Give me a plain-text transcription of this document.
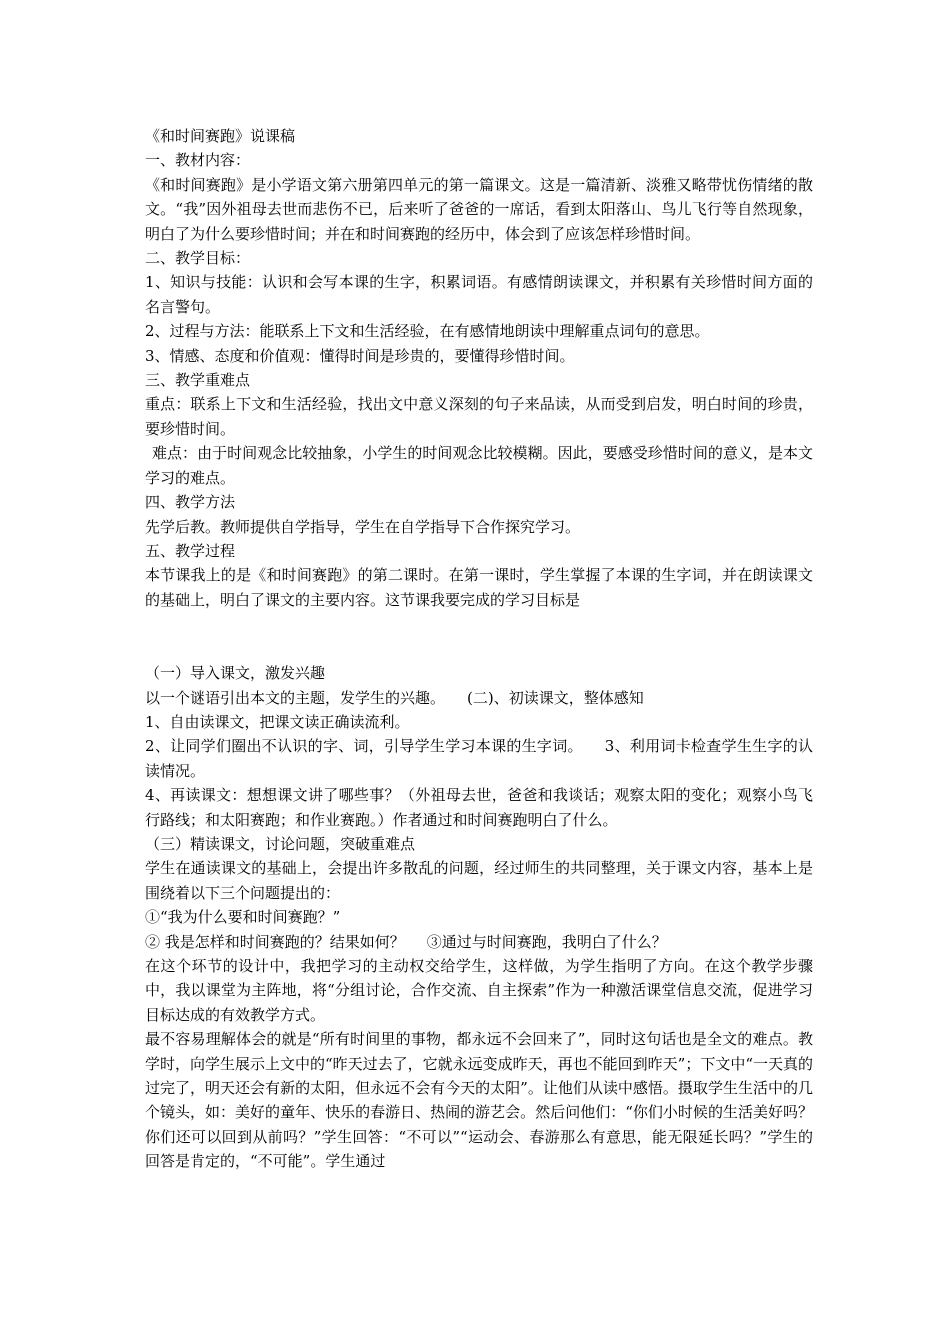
《和时间赛跑》说课稿

一、教材内容：

《和时间赛跑》是小学语文第六册第四单元的第一篇课文。这是一篇清新、淡雅又略带忧伤情绪的散文。“我”因外祖母去世而悲伤不已，后来听了爸爸的一席话，看到太阳落山、鸟儿飞行等自然现象，明白了为什么要珍惜时间；并在和时间赛跑的经历中，体会到了应该怎样珍惜时间。

二、教学目标：

1、知识与技能：认识和会写本课的生字，积累词语。有感情朗读课文，并积累有关珍惜时间方面的名言警句。

2、过程与方法：能联系上下文和生活经验，在有感情地朗读中理解重点词句的意思。

3、情感、态度和价值观：懂得时间是珍贵的，要懂得珍惜时间。

三、教学重难点

重点：联系上下文和生活经验，找出文中意义深刻的句子来品读，从而受到启发，明白时间的珍贵，要珍惜时间。

难点：由于时间观念比较抽象，小学生的时间观念比较模糊。因此，要感受珍惜时间的意义，是本文学习的难点。

四、教学方法

先学后教。教师提供自学指导，学生在自学指导下合作探究学习。

五、教学过程

本节课我上的是《和时间赛跑》的第二课时。在第一课时，学生掌握了本课的生字词，并在朗读课文的基础上，明白了课文的主要内容。这节课我要完成的学习目标是

（一）导入课文，激发兴趣

以一个谜语引出本文的主题，发学生的兴趣。 (二)、初读课文，整体感知

1、自由读课文，把课文读正确读流利。

2、让同学们圈出不认识的字、词，引导学生学习本课的生字词。 3、利用词卡检查学生生字的认读情况。

4、再读课文：想想课文讲了哪些事？（外祖母去世，爸爸和我谈话；观察太阳的变化；观察小鸟飞行路线；和太阳赛跑；和作业赛跑。）作者通过和时间赛跑明白了什么。

（三）精读课文，讨论问题，突破重难点

学生在通读课文的基础上，会提出许多散乱的问题，经过师生的共同整理，关于课文内容，基本上是围绕着以下三个问题提出的：

①“我为什么要和时间赛跑？”

② 我是怎样和时间赛跑的？结果如何？ ③通过与时间赛跑，我明白了什么？

在这个环节的设计中，我把学习的主动权交给学生，这样做，为学生指明了方向。在这个教学步骤中，我以课堂为主阵地，将“分组讨论，合作交流、自主探索”作为一种激活课堂信息交流，促进学习目标达成的有效教学方式。

最不容易理解体会的就是“所有时间里的事物，都永远不会回来了”，同时这句话也是全文的难点。教学时，向学生展示上文中的“昨天过去了，它就永远变成昨天，再也不能回到昨天”；下文中“一天真的过完了，明天还会有新的太阳，但永远不会有今天的太阳”。让他们从读中感悟。摄取学生生活中的几个镜头，如：美好的童年、快乐的春游日、热闹的游艺会。然后问他们：“你们小时候的生活美好吗？你们还可以回到从前吗？”学生回答：“不可以”“运动会、春游那么有意思，能无限延长吗？”学生的回答是肯定的，“不可能”。学生通过
